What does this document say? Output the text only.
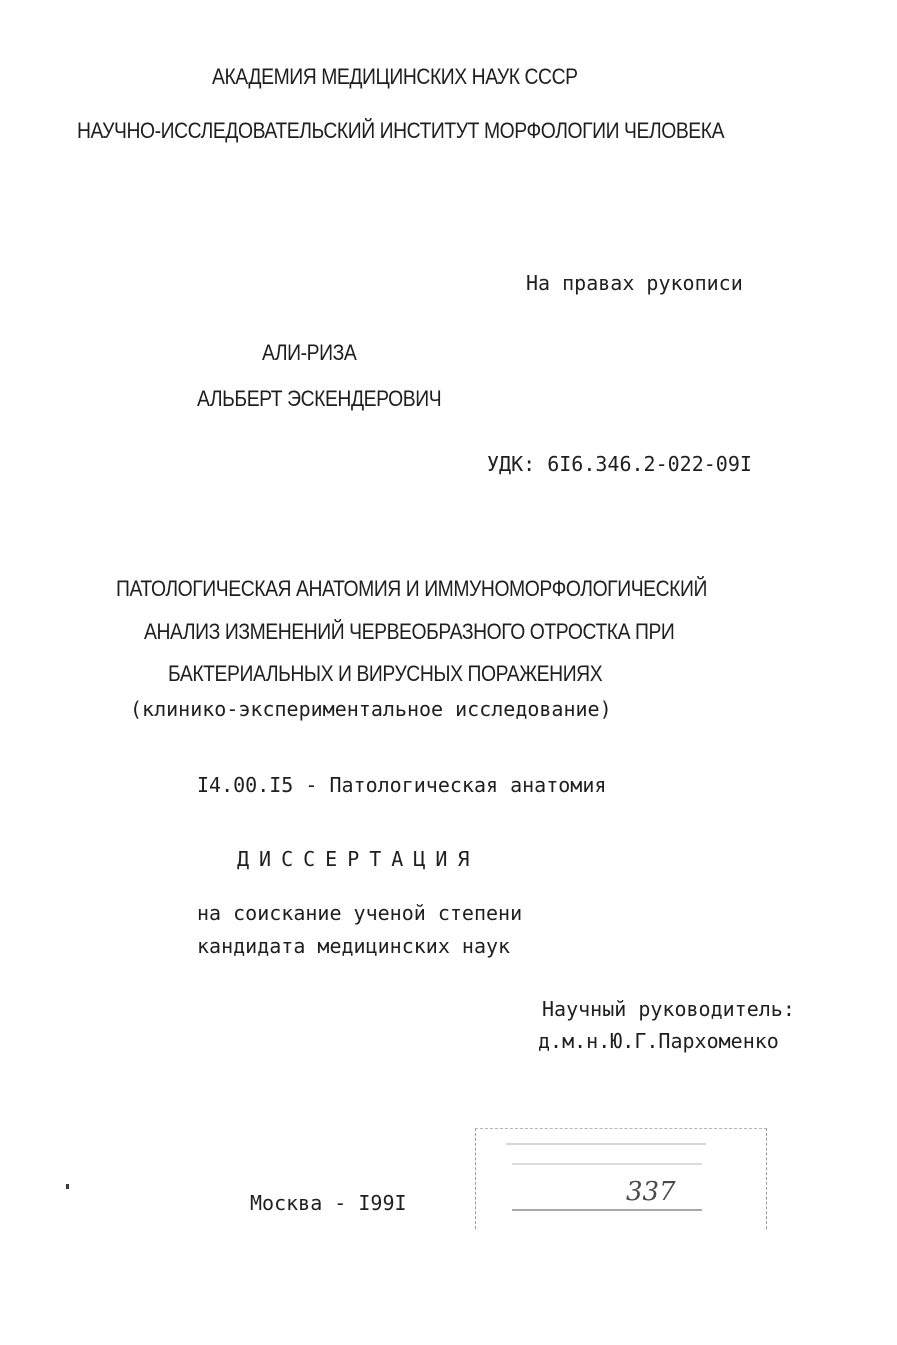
АКАДЕМИЯ МЕДИЦИНСКИХ НАУК СССР
НАУЧНО-ИССЛЕДОВАТЕЛЬСКИЙ ИНСТИТУТ МОРФОЛОГИИ ЧЕЛОВЕКА
На правах рукописи
АЛИ-РИЗА
АЛЬБЕРТ ЭСКЕНДЕРОВИЧ
УДК: 6I6.346.2-022-09I
ПАТОЛОГИЧЕСКАЯ АНАТОМИЯ И ИММУНОМОРФОЛОГИЧЕСКИЙ
АНАЛИЗ ИЗМЕНЕНИЙ ЧЕРВЕОБРАЗНОГО ОТРОСТКА ПРИ
БАКТЕРИАЛЬНЫХ И ВИРУСНЫХ ПОРАЖЕНИЯХ
(клинико-экспериментальное исследование)
I4.00.I5 - Патологическая анатомия
ДИССЕРТАЦИЯ
на соискание ученой степени
кандидата медицинских наук
Научный руководитель:
д.м.н.Ю.Г.Пархоменко
337
Москва - I99I
